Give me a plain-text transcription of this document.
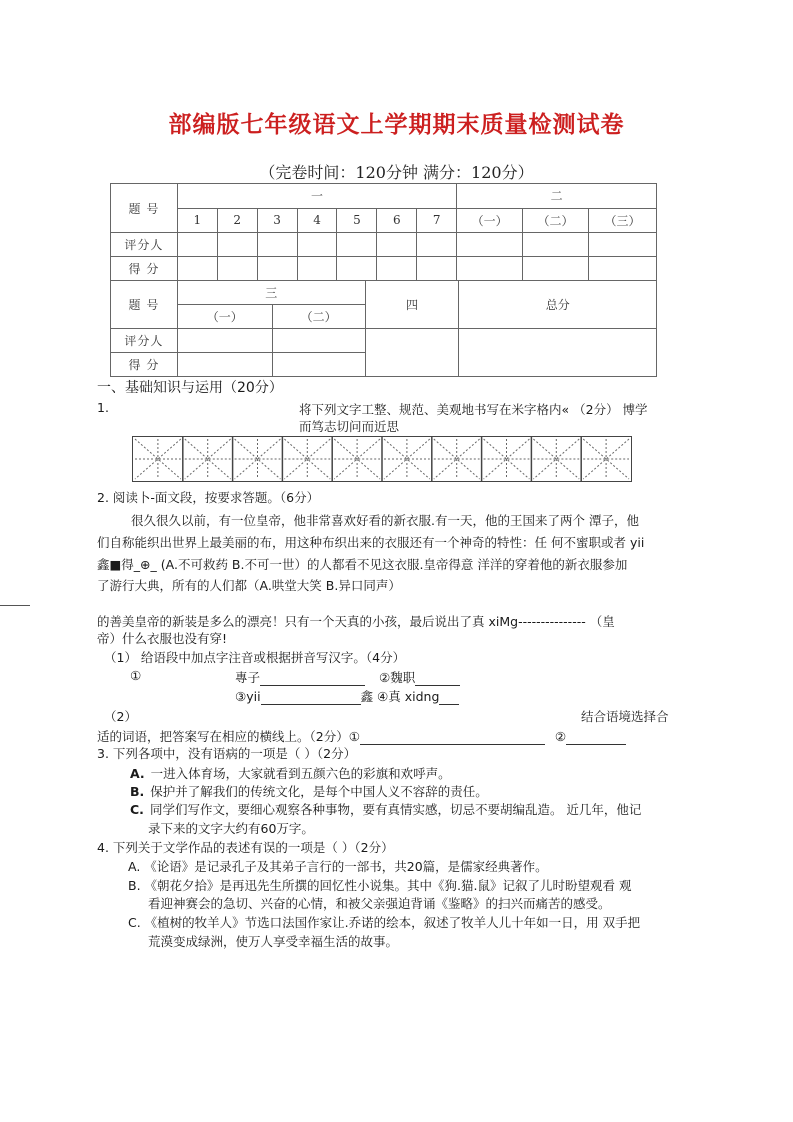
部编版七年级语文上学期期末质量检测试卷
（完卷时间：120分钟 满分：120分）
题 号	一							二		
	1	2	3	4	5	6	7	（一）	（二）	（三）
评分人										
得 分										
题 号	三		四	总分
	（一）	（二）		
评分人				
得 分				
一、基础知识与运用（20分）
1.	将下列文字工整、规范、美观地书写在米字格内« （2分） 博学
而笃志切问而近思
2. 阅读卜-面文段，按要求答题。（6分）
很久很久以前，有一位皇帝，他非常喜欢好看的新衣服.有一天，他的王国来了两个 潭子，他
们自称能织出世界上最美丽的布，用这种布织出来的衣服还有一个神奇的特性：任 何不蜜职或者 yii
鑫■得_⊕_ (A.不可救药 B.不可一世）的人都看不见这衣服.皇帝得意 洋洋的穿着他的新衣服参加
了游行大典，所有的人们都（A.哄堂大笑 B.异口同声）
的善美皇帝的新装是多么的漂亮！只有一个天真的小孩，最后说出了真 xiMg--------------- （皇
帝）什么衣服也没有穿!
（1） 给语段中加点字注音或根据拼音写汉字。（4分）
①	專子	②魏职
③yii	鑫 ④真 xidng
（2）	结合语境选择合
适的词语，把答案写在相应的横线上。（2分）①	②
3. 下列各项中，没有语病的一项是（ ）（2分）
A. 一进入体育场，大家就看到五颜六色的彩旗和欢呼声。
B. 保护并了解我们的传统文化，是每个中国人义不容辞的责任。
C. 同学们写作文，要细心观察各种事物，要有真情实感，切忌不要胡编乱造。 近几年，他记
录下来的文字大约有60万字。
4. 下列关于文学作品的表述有误的一项是（ ）（2分）
A. 《论语》是记录孔子及其弟子言行的一部书，共20篇，是儒家经典著作。
B. 《朝花夕拾》是再迅先生所撰的回忆性小说集。其中《狗.猫.鼠》记叙了儿时盼望观看 观
看迎神赛会的急切、兴奋的心情，和被父亲强迫背诵《鉴略》的扫兴而痛苦的感受。
C. 《植树的牧羊人》节选口法国作家让.乔诺的绘本，叙述了牧羊人儿十年如一日，用 双手把
荒漠变成绿洲，使万人享受幸福生活的故事。
